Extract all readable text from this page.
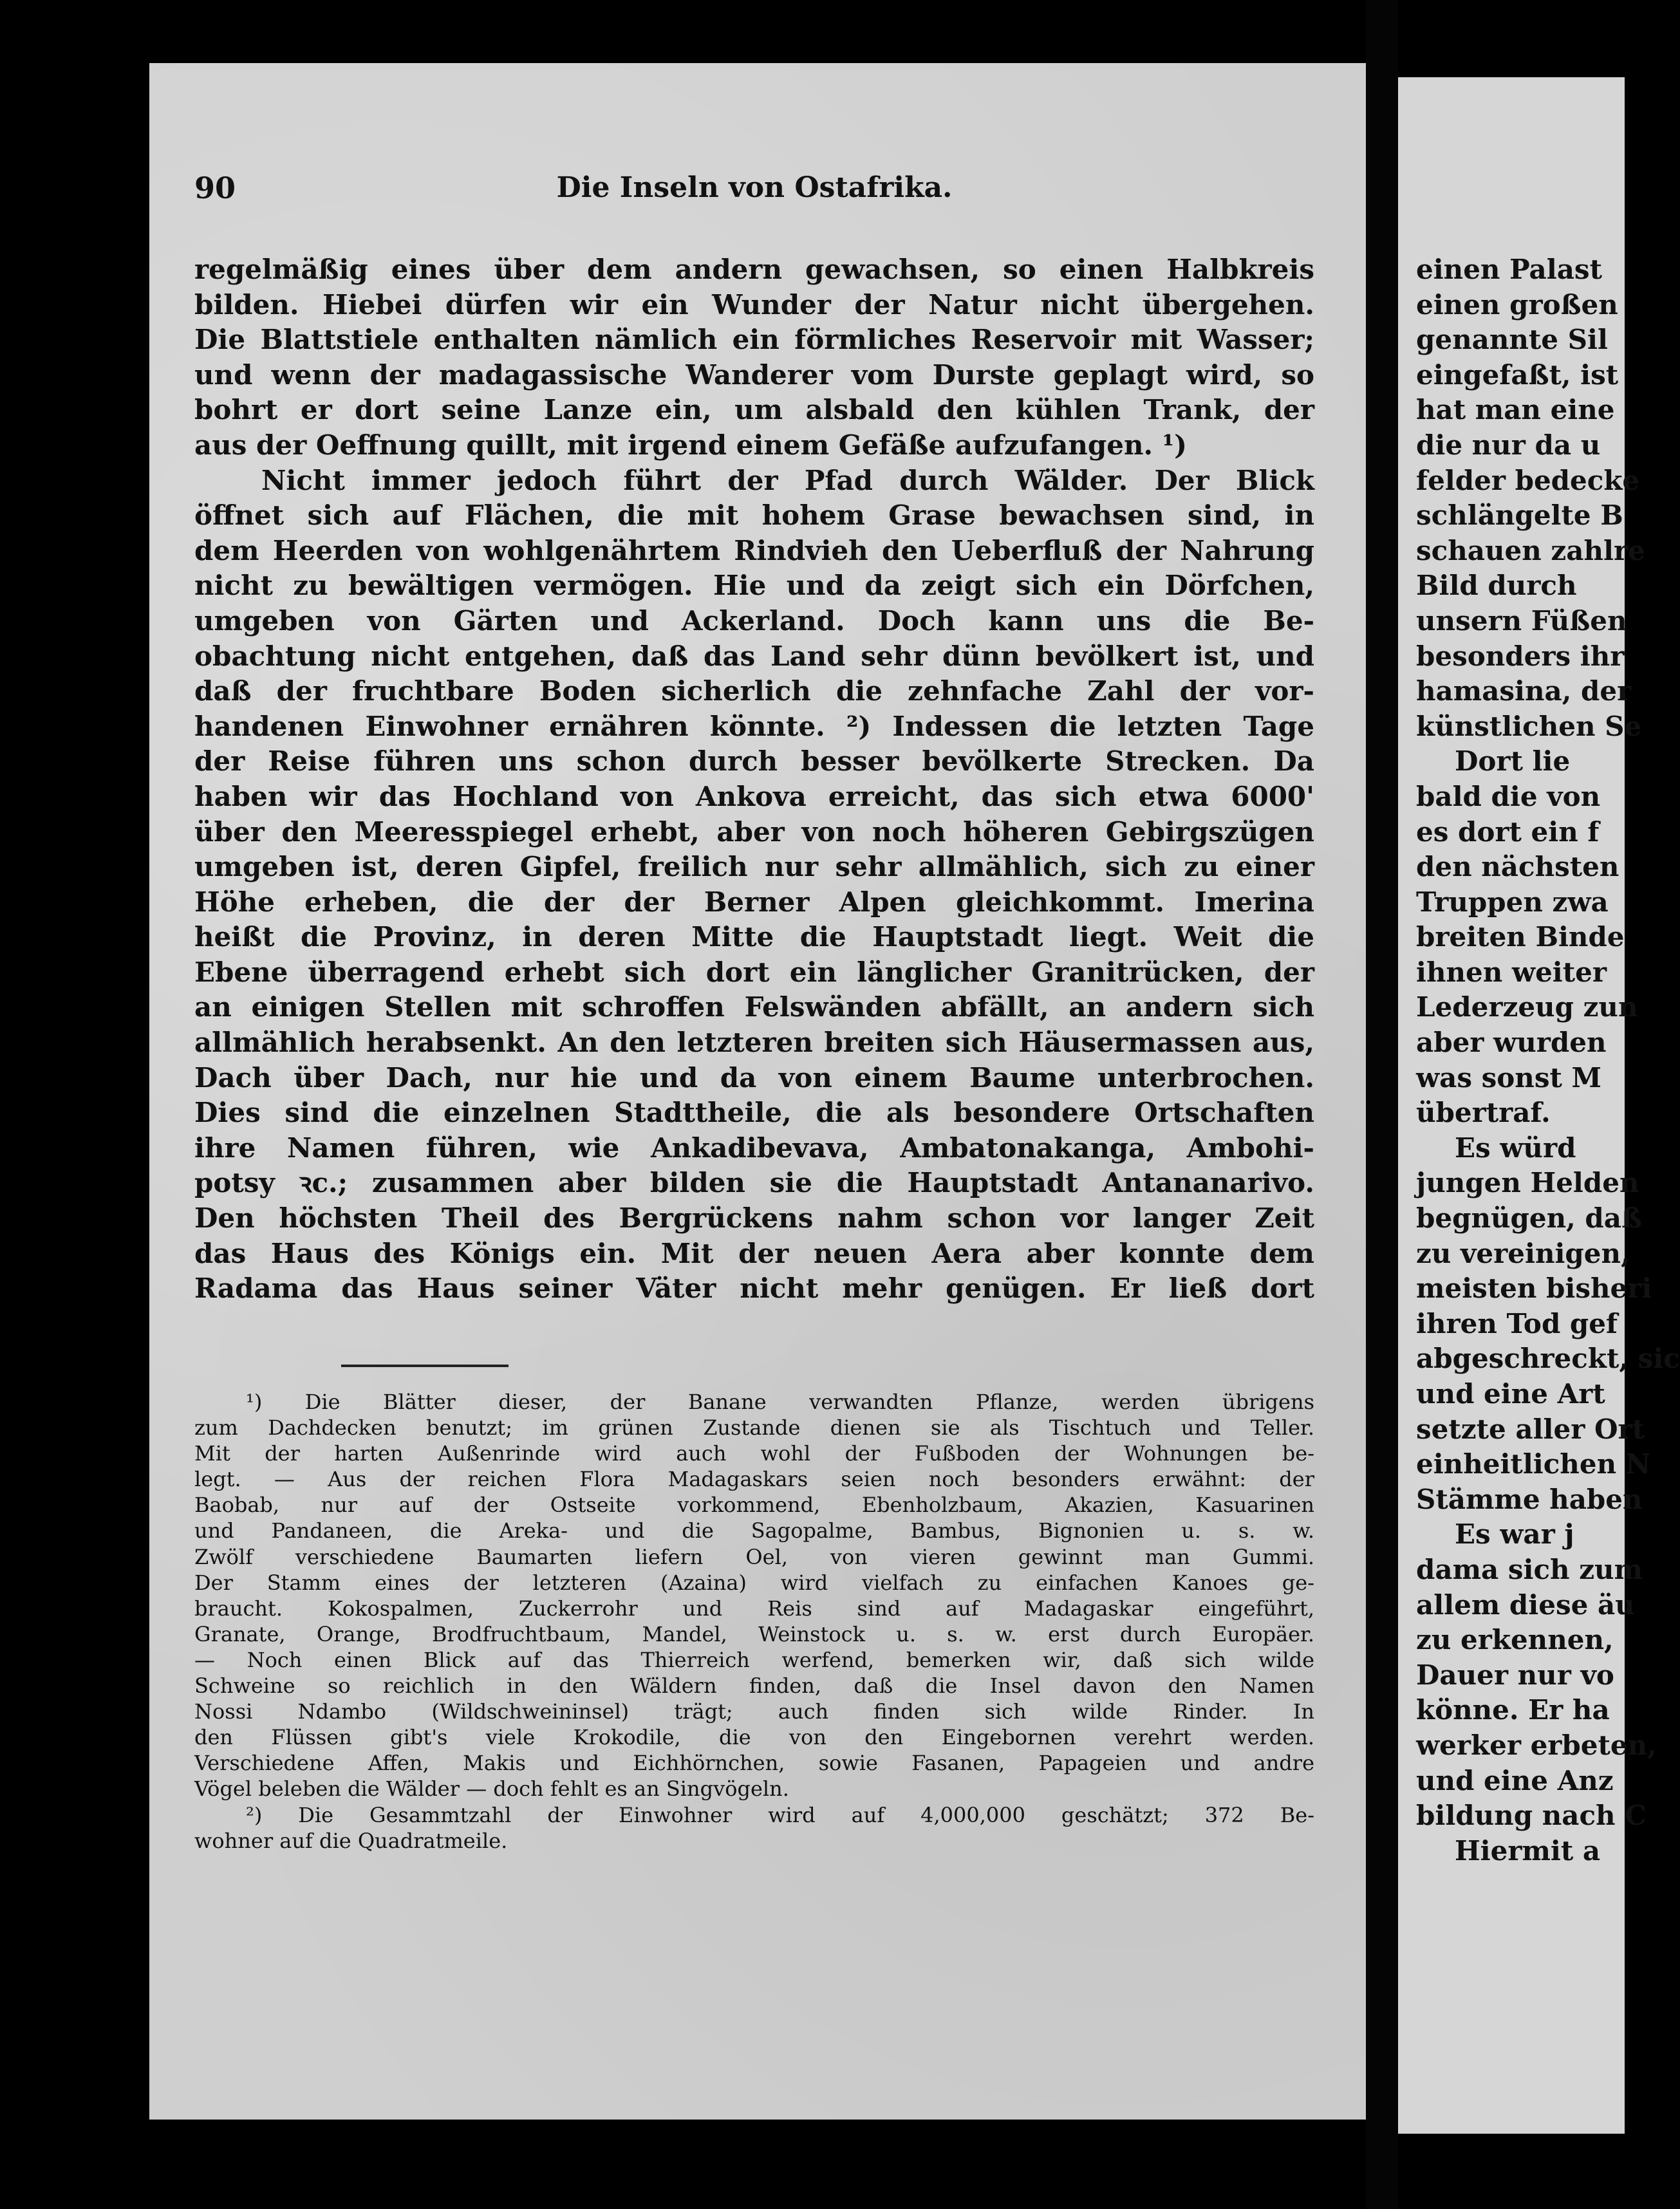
90	Die Inseln von Ostafrika.
regelmäßig eines über dem andern gewachsen, so einen Halbkreis
bilden. Hiebei dürfen wir ein Wunder der Natur nicht übergehen.
Die Blattstiele enthalten nämlich ein förmliches Reservoir mit Wasser;
und wenn der madagassische Wanderer vom Durste geplagt wird, so
bohrt er dort seine Lanze ein, um alsbald den kühlen Trank, der
aus der Oeffnung quillt, mit irgend einem Gefäße aufzufangen. ¹)
Nicht immer jedoch führt der Pfad durch Wälder. Der Blick
öffnet sich auf Flächen, die mit hohem Grase bewachsen sind, in
dem Heerden von wohlgenährtem Rindvieh den Ueberfluß der Nahrung
nicht zu bewältigen vermögen. Hie und da zeigt sich ein Dörfchen,
umgeben von Gärten und Ackerland. Doch kann uns die Be-
obachtung nicht entgehen, daß das Land sehr dünn bevölkert ist, und
daß der fruchtbare Boden sicherlich die zehnfache Zahl der vor-
handenen Einwohner ernähren könnte. ²) Indessen die letzten Tage
der Reise führen uns schon durch besser bevölkerte Strecken. Da
haben wir das Hochland von Ankova erreicht, das sich etwa 6000'
über den Meeresspiegel erhebt, aber von noch höheren Gebirgszügen
umgeben ist, deren Gipfel, freilich nur sehr allmählich, sich zu einer
Höhe erheben, die der der Berner Alpen gleichkommt. Imerina
heißt die Provinz, in deren Mitte die Hauptstadt liegt. Weit die
Ebene überragend erhebt sich dort ein länglicher Granitrücken, der
an einigen Stellen mit schroffen Felswänden abfällt, an andern sich
allmählich herabsenkt. An den letzteren breiten sich Häusermassen aus,
Dach über Dach, nur hie und da von einem Baume unterbrochen.
Dies sind die einzelnen Stadttheile, die als besondere Ortschaften
ihre Namen führen, wie Ankadibevava, Ambatonakanga, Ambohi-
potsy ꝛc.; zusammen aber bilden sie die Hauptstadt Antananarivo.
Den höchsten Theil des Bergrückens nahm schon vor langer Zeit
das Haus des Königs ein. Mit der neuen Aera aber konnte dem
Radama das Haus seiner Väter nicht mehr genügen. Er ließ dort
¹) Die Blätter dieser, der Banane verwandten Pflanze, werden übrigens
zum Dachdecken benutzt; im grünen Zustande dienen sie als Tischtuch und Teller.
Mit der harten Außenrinde wird auch wohl der Fußboden der Wohnungen be-
legt. — Aus der reichen Flora Madagaskars seien noch besonders erwähnt: der
Baobab, nur auf der Ostseite vorkommend, Ebenholzbaum, Akazien, Kasuarinen
und Pandaneen, die Areka- und die Sagopalme, Bambus, Bignonien u. s. w.
Zwölf verschiedene Baumarten liefern Oel, von vieren gewinnt man Gummi.
Der Stamm eines der letzteren (Azaina) wird vielfach zu einfachen Kanoes ge-
braucht. Kokospalmen, Zuckerrohr und Reis sind auf Madagaskar eingeführt,
Granate, Orange, Brodfruchtbaum, Mandel, Weinstock u. s. w. erst durch Europäer.
— Noch einen Blick auf das Thierreich werfend, bemerken wir, daß sich wilde
Schweine so reichlich in den Wäldern finden, daß die Insel davon den Namen
Nossi Ndambo (Wildschweininsel) trägt; auch finden sich wilde Rinder. In
den Flüssen gibt's viele Krokodile, die von den Eingebornen verehrt werden.
Verschiedene Affen, Makis und Eichhörnchen, sowie Fasanen, Papageien und andre
Vögel beleben die Wälder — doch fehlt es an Singvögeln.
²) Die Gesammtzahl der Einwohner wird auf 4,000,000 geschätzt; 372 Be-
wohner auf die Quadratmeile.
einen Palast
einen großen
genannte Sil
eingefaßt, ist
hat man eine
die nur da u
felder bedecke
schlängelte B
schauen zahlre
Bild durch
unsern Füßen
besonders ihr
hamasina, der
künstlichen Se
Dort lie
bald die von
es dort ein f
den nächsten
Truppen zwa
breiten Binde
ihnen weiter
Lederzeug zun
aber wurden
was sonst M
übertraf.
Es würd
jungen Helden
begnügen, daß
zu vereinigen,
meisten bisheri
ihren Tod gef
abgeschreckt, sic
und eine Art
setzte aller Ort
einheitlichen N
Stämme haben
Es war j
dama sich zum
allem diese äu
zu erkennen,
Dauer nur vo
könne. Er ha
werker erbeten,
und eine Anz
bildung nach C
Hiermit a
